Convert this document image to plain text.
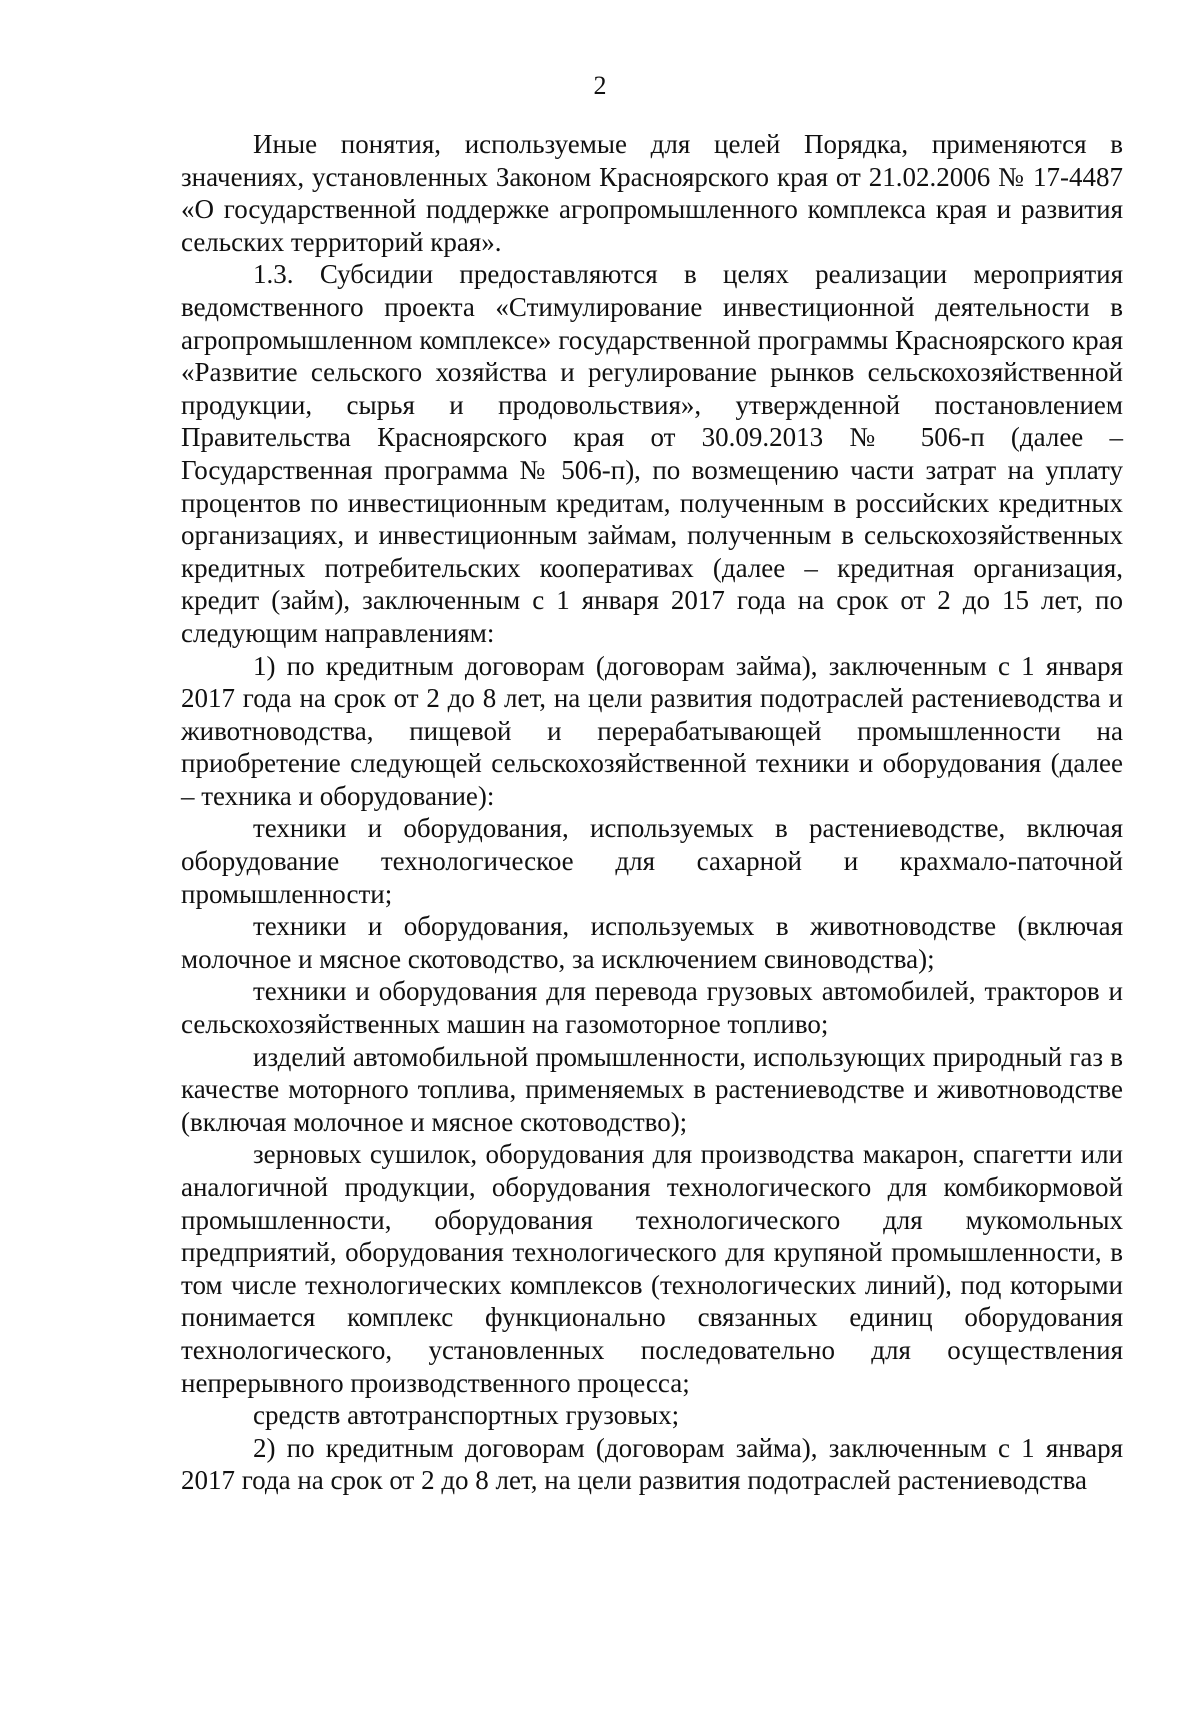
2

Иные понятия, используемые для целей Порядка, применяются в значениях, установленных Законом Красноярского края от 21.02.2006 № 17-4487 «О государственной поддержке агропромышленного комплекса края и развития сельских территорий края».

1.3. Субсидии предоставляются в целях реализации мероприятия ведомственного проекта «Стимулирование инвестиционной деятельности в агропромышленном комплексе» государственной программы Красноярского края «Развитие сельского хозяйства и регулирование рынков сельскохозяйственной продукции, сырья и продовольствия», утвержденной постановлением Правительства Красноярского края от 30.09.2013 № 506-п (далее – Государственная программа № 506-п), по возмещению части затрат на уплату процентов по инвестиционным кредитам, полученным в российских кредитных организациях, и инвестиционным займам, полученным в сельскохозяйственных кредитных потребительских кооперативах (далее – кредитная организация, кредит (займ), заключенным с 1 января 2017 года на срок от 2 до 15 лет, по следующим направлениям:

1) по кредитным договорам (договорам займа), заключенным с 1 января 2017 года на срок от 2 до 8 лет, на цели развития подотраслей растениеводства и животноводства, пищевой и перерабатывающей промышленности на приобретение следующей сельскохозяйственной техники и оборудования (далее – техника и оборудование):

техники и оборудования, используемых в растениеводстве, включая оборудование технологическое для сахарной и крахмало-паточной промышленности;

техники и оборудования, используемых в животноводстве (включая молочное и мясное скотоводство, за исключением свиноводства);

техники и оборудования для перевода грузовых автомобилей, тракторов и сельскохозяйственных машин на газомоторное топливо;

изделий автомобильной промышленности, использующих природный газ в качестве моторного топлива, применяемых в растениеводстве и животноводстве (включая молочное и мясное скотоводство);

зерновых сушилок, оборудования для производства макарон, спагетти или аналогичной продукции, оборудования технологического для комбикормовой промышленности, оборудования технологического для мукомольных предприятий, оборудования технологического для крупяной промышленности, в том числе технологических комплексов (технологических линий), под которыми понимается комплекс функционально связанных единиц оборудования технологического, установленных последовательно для осуществления непрерывного производственного процесса;

средств автотранспортных грузовых;

2) по кредитным договорам (договорам займа), заключенным с 1 января 2017 года на срок от 2 до 8 лет, на цели развития подотраслей растениеводства
